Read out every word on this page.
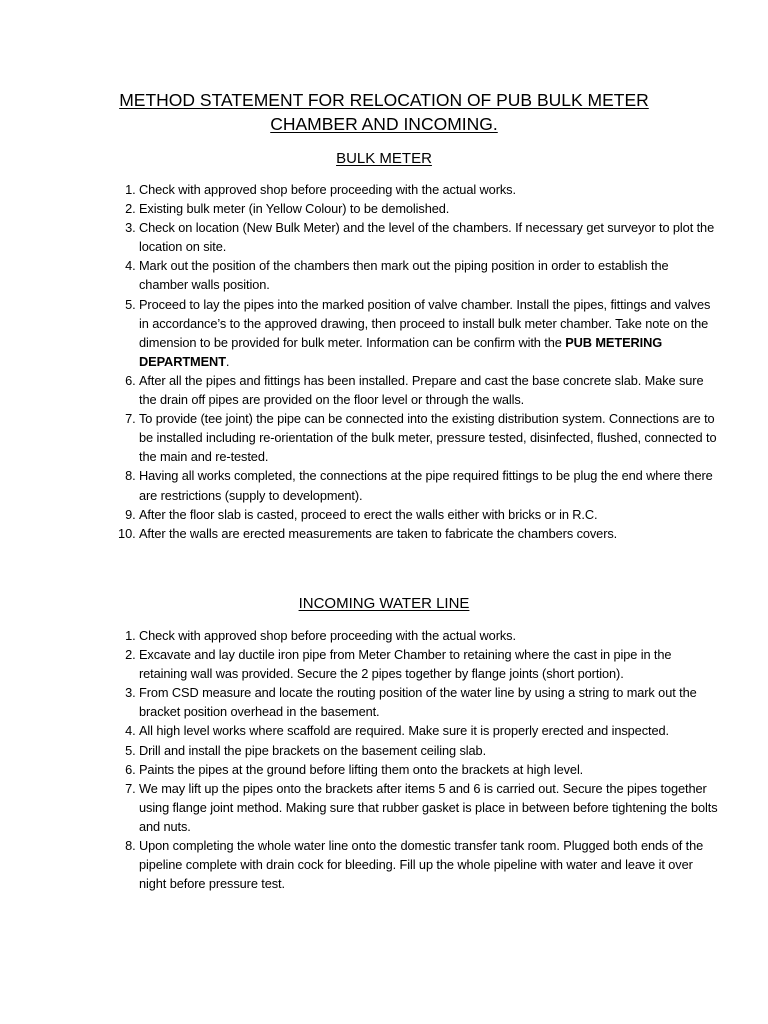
METHOD STATEMENT FOR RELOCATION OF PUB BULK METER
CHAMBER AND INCOMING.
BULK METER
1. Check with approved shop before proceeding with the actual works.
2. Existing bulk meter (in Yellow Colour) to be demolished.
3. Check on location (New Bulk Meter) and the level of the chambers. If necessary get surveyor to plot the location on site.
4. Mark out the position of the chambers then mark out the piping position in order to establish the chamber walls position.
5. Proceed to lay the pipes into the marked position of valve chamber. Install the pipes, fittings and valves in accordance’s to the approved drawing, then proceed to install bulk meter chamber. Take note on the dimension to be provided for bulk meter. Information can be confirm with the PUB METERING DEPARTMENT.
6. After all the pipes and fittings has been installed. Prepare and cast the base concrete slab. Make sure the drain off pipes are provided on the floor level or through the walls.
7. To provide (tee joint) the pipe can be connected into the existing distribution system. Connections are to be installed including re-orientation of the bulk meter, pressure tested, disinfected, flushed, connected to the main and re-tested.
8. Having all works completed, the connections at the pipe required fittings to be plug the end where there are restrictions (supply to development).
9. After the floor slab is casted, proceed to erect the walls either with bricks or in R.C.
10. After the walls are erected measurements are taken to fabricate the chambers covers.
INCOMING WATER LINE
1. Check with approved shop before proceeding with the actual works.
2. Excavate and lay ductile iron pipe from Meter Chamber to retaining where the cast in pipe in the retaining wall was provided. Secure the 2 pipes together by flange joints (short portion).
3. From CSD measure and locate the routing position of the water line by using a string to mark out the bracket position overhead in the basement.
4. All high level works where scaffold are required. Make sure it is properly erected and inspected.
5. Drill and install the pipe brackets on the basement ceiling slab.
6. Paints the pipes at the ground before lifting them onto the brackets at high level.
7. We may lift up the pipes onto the brackets after items 5 and 6 is carried out. Secure the pipes together using flange joint method. Making sure that rubber gasket is place in between before tightening the bolts and nuts.
8. Upon completing the whole water line onto the domestic transfer tank room. Plugged both ends of the pipeline complete with drain cock for bleeding. Fill up the whole pipeline with water and leave it over night before pressure test.
